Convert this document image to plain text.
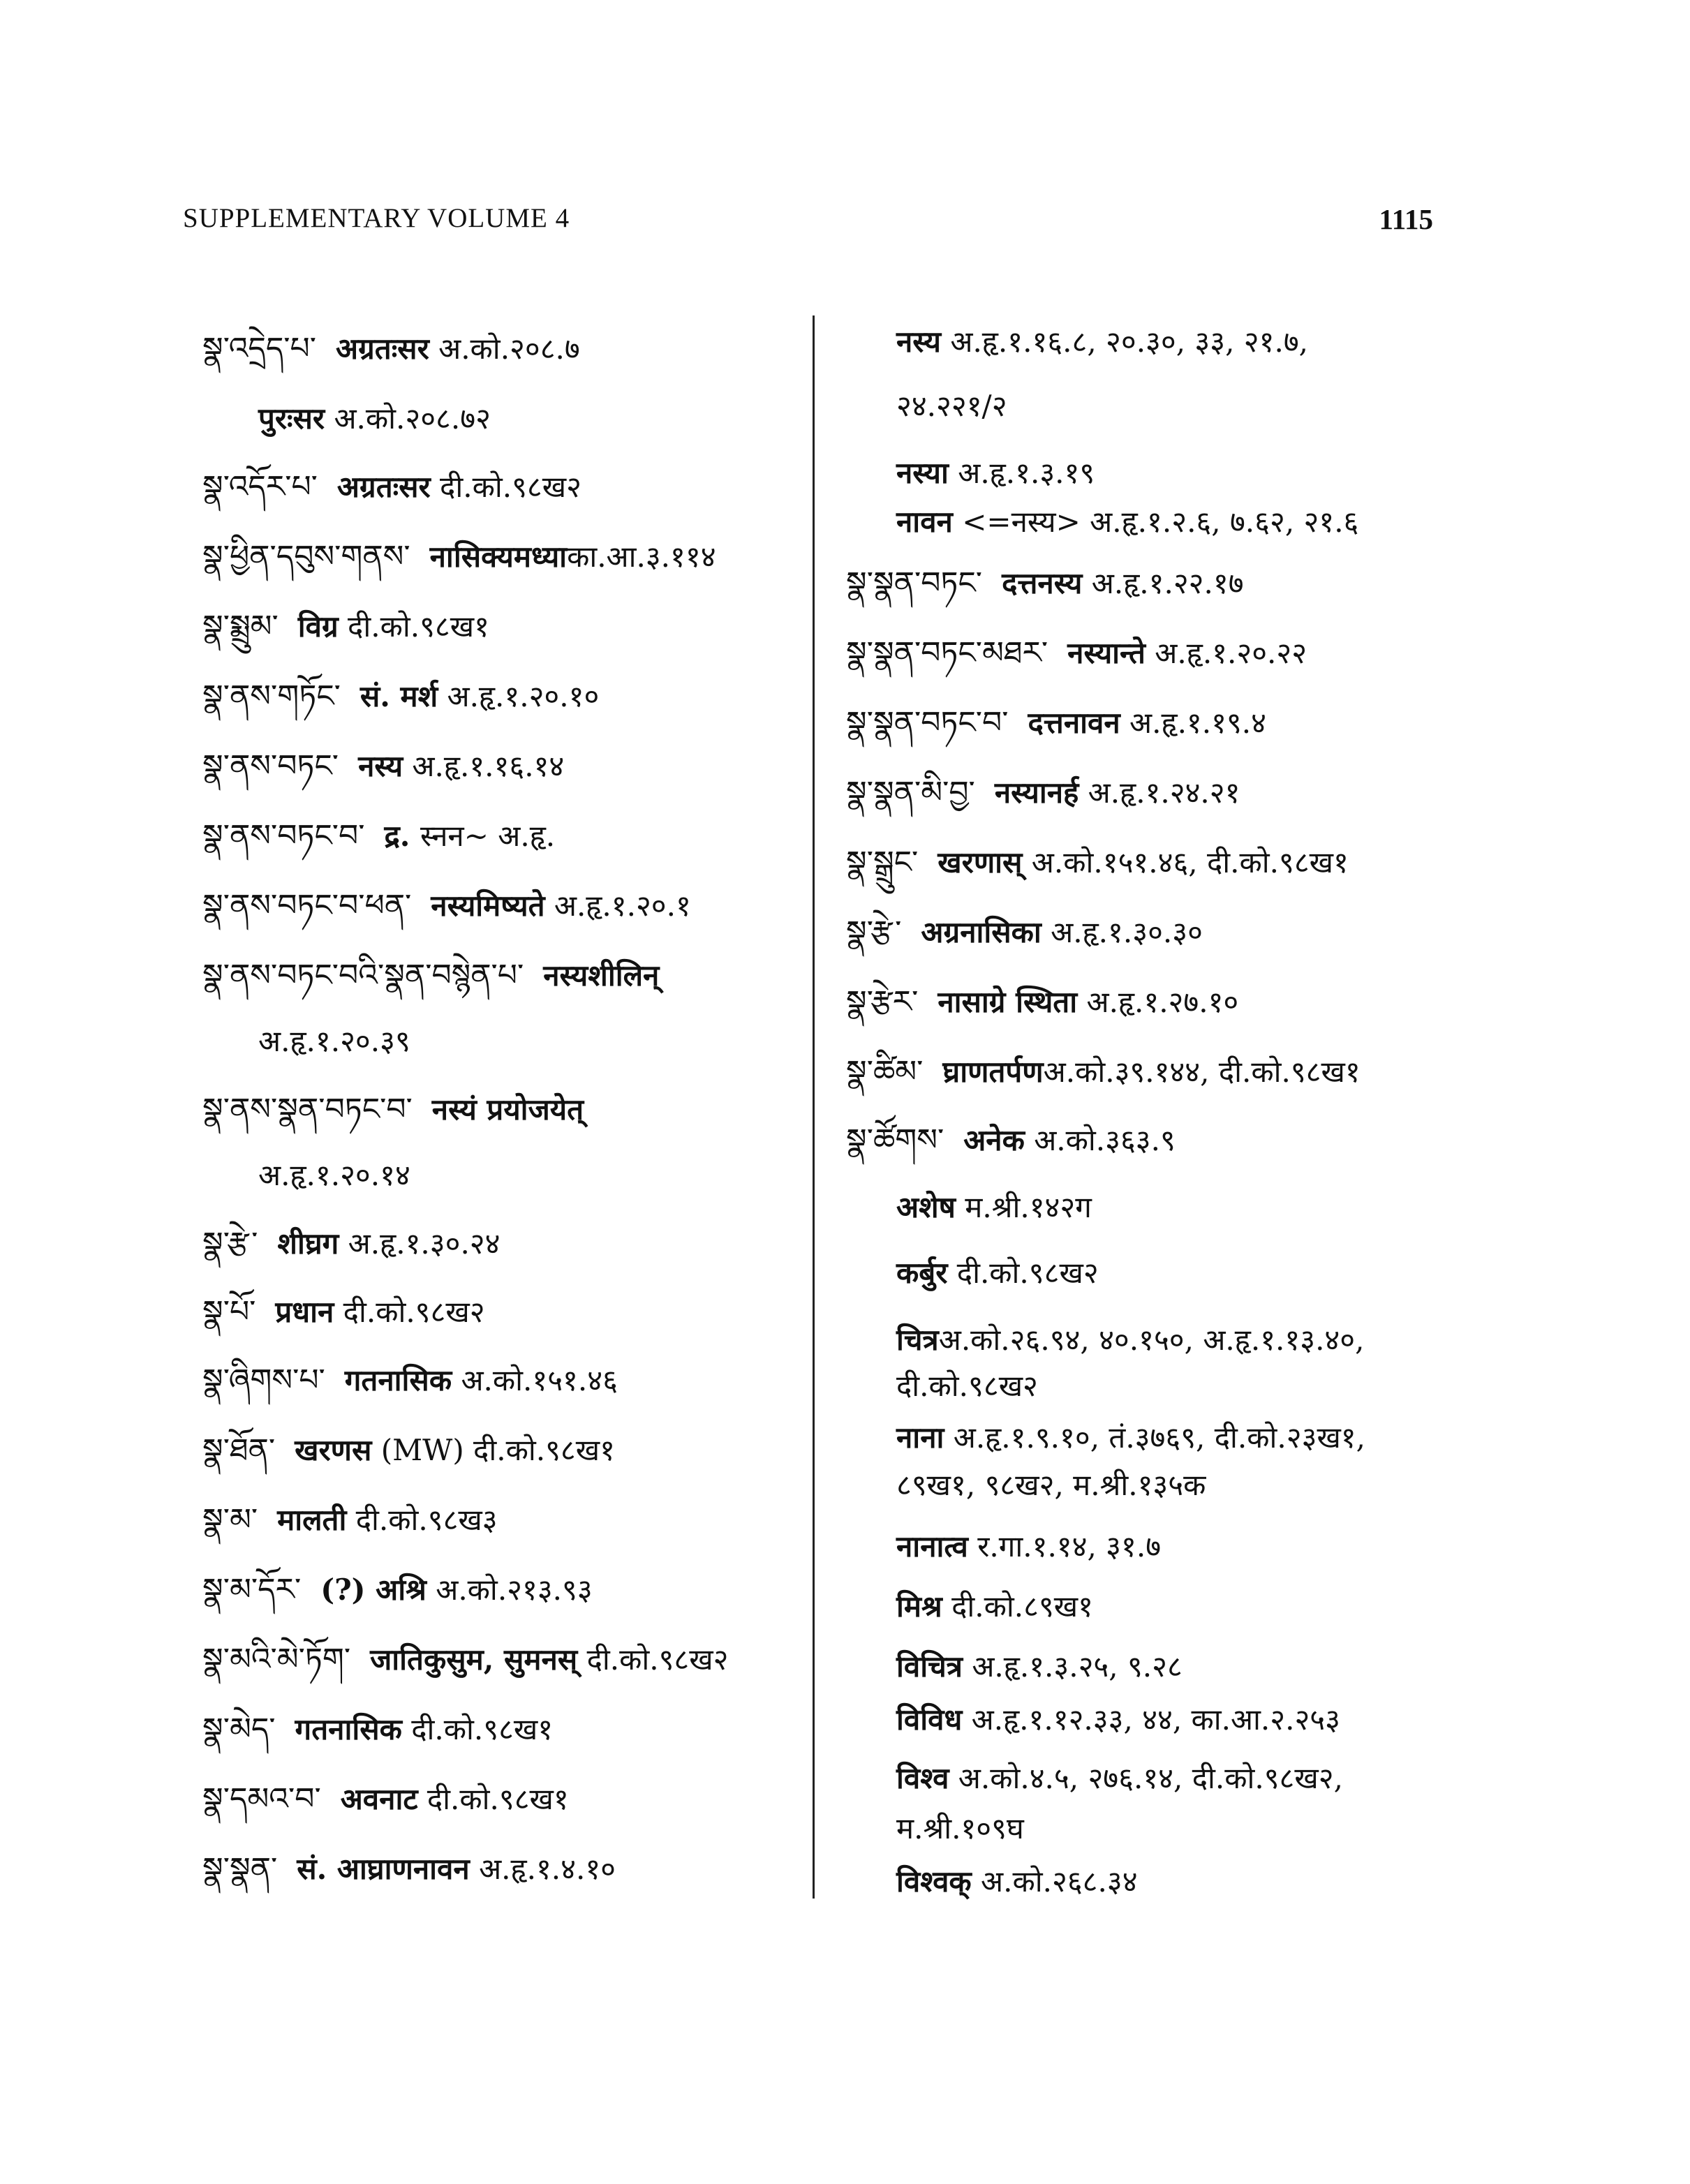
SUPPLEMENTARY VOLUME 4	1115
སྣ་འདྲེད་པ་ अग्रतःसर अ.को.२०८.७
पुरःसर अ.को.२०८.७२
སྣ་འདོར་པ་ अग्रतःसर दी.को.९८ख२
སྣ་ཕྱིན་དབུས་གནས་ नासिक्यमध्याका.आ.३.११४
སྣ་སྨྲུམ་ विग्र दी.को.९८ख१
སྣ་ནས་གཏོང་ सं. मर्श अ.हृ.१.२०.१०
སྣ་ནས་བཏང་ नस्य अ.हृ.१.१६.१४
སྣ་ནས་བཏང་བ་ द्र. स्नन~ अ.हृ.
སྣ་ནས་བཏང་བ་ཕན་ नस्यमिष्यते अ.हृ.१.२०.१
སྣ་ནས་བཏང་བའི་སྣན་བསྙེན་པ་ नस्यशीलिन्
अ.हृ.१.२०.३९
སྣ་ནས་སྣན་བཏང་བ་ नस्यं प्रयोजयेत्
अ.हृ.१.२०.१४
སྣ་རྩེ་ शीघ्रग अ.हृ.१.३०.२४
སྣ་པོ་ प्रधान दी.को.९८ख२
སྣ་ཞིགས་པ་ गतनासिक अ.को.१५१.४६
སྣ་ཐོན་ खरणस (MW) दी.को.९८ख१
སྣ་མ་ मालती दी.को.९८ख३
སྣ་མ་དོར་ (?) अश्रि अ.को.२१३.९३
སྣ་མའི་མེ་ཏོག་ जातिकुसुम, सुमनस् दी.को.९८ख२
སྣ་མེད་ गतनासिक दी.को.९८ख१
སྣ་དམའ་བ་ अवनाट दी.को.९८ख१
སྣ་སྣན་ सं. आघ्राणनावन अ.हृ.१.४.१०
नस्य अ.हृ.१.१६.८, २०.३०, ३३, २१.७,
२४.२२१/२
नस्या अ.हृ.१.३.१९
नावन <=नस्य> अ.हृ.१.२.६, ७.६२, २१.६
སྣ་སྣན་བཏང་ दत्तनस्य अ.हृ.१.२२.१७
སྣ་སྣན་བཏང་མཐར་ नस्यान्ते अ.हृ.१.२०.२२
སྣ་སྣན་བཏང་བ་ दत्तनावन अ.हृ.१.१९.४
སྣ་སྣན་མི་བྱ་ नस्यानर्ह अ.हृ.१.२४.२१
སྣ་སྒྲུང་ खरणास् अ.को.१५१.४६, दी.को.९८ख१
སྣ་རྩེ་ अग्रनासिका अ.हृ.१.३०.३०
སྣ་རྩེར་ नासाग्रे स्थिता अ.हृ.१.२७.१०
སྣ་ཚིམ་ घ्राणतर्पणअ.को.३९.१४४, दी.को.९८ख१
སྣ་ཚོགས་ अनेक अ.को.३६३.९
अशेष म.श्री.१४२ग
कर्बुर दी.को.९८ख२
चित्रअ.को.२६.९४, ४०.१५०, अ.हृ.१.१३.४०,
दी.को.९८ख२
नाना अ.हृ.१.९.१०, तं.३७६९, दी.को.२३ख१,
८९ख१, ९८ख२, म.श्री.१३५क
नानात्व र.गा.१.१४, ३१.७
मिश्र दी.को.८९ख१
विचित्र अ.हृ.१.३.२५, ९.२८
विविध अ.हृ.१.१२.३३, ४४, का.आ.२.२५३
विश्व अ.को.४.५, २७६.१४, दी.को.९८ख२,
म.श्री.१०९घ
विश्वक् अ.को.२६८.३४
